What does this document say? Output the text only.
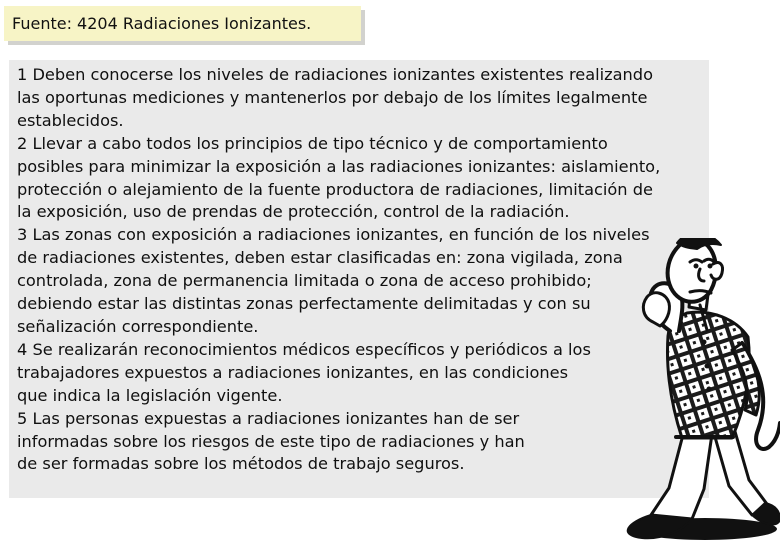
Fuente: 4204 Radiaciones Ionizantes.
1 Deben conocerse los niveles de radiaciones ionizantes existentes realizando
las oportunas mediciones y mantenerlos por debajo de los límites legalmente
establecidos.
2 Llevar a cabo todos los principios de tipo técnico y de comportamiento
posibles para minimizar la exposición a las radiaciones ionizantes: aislamiento,
protección o alejamiento de la fuente productora de radiaciones, limitación de
la exposición, uso de prendas de protección, control de la radiación.
3 Las zonas con exposición a radiaciones ionizantes, en función de los niveles
de radiaciones existentes, deben estar clasificadas en: zona vigilada, zona
controlada, zona de permanencia limitada o zona de acceso prohibido;
debiendo estar las distintas zonas perfectamente delimitadas y con su
señalización correspondiente.
4 Se realizarán reconocimientos médicos específicos y periódicos a los
trabajadores expuestos a radiaciones ionizantes, en las condiciones
que indica la legislación vigente.
5 Las personas expuestas a radiaciones ionizantes han de ser
informadas sobre los riesgos de este tipo de radiaciones y han
de ser formadas sobre los métodos de trabajo seguros.
